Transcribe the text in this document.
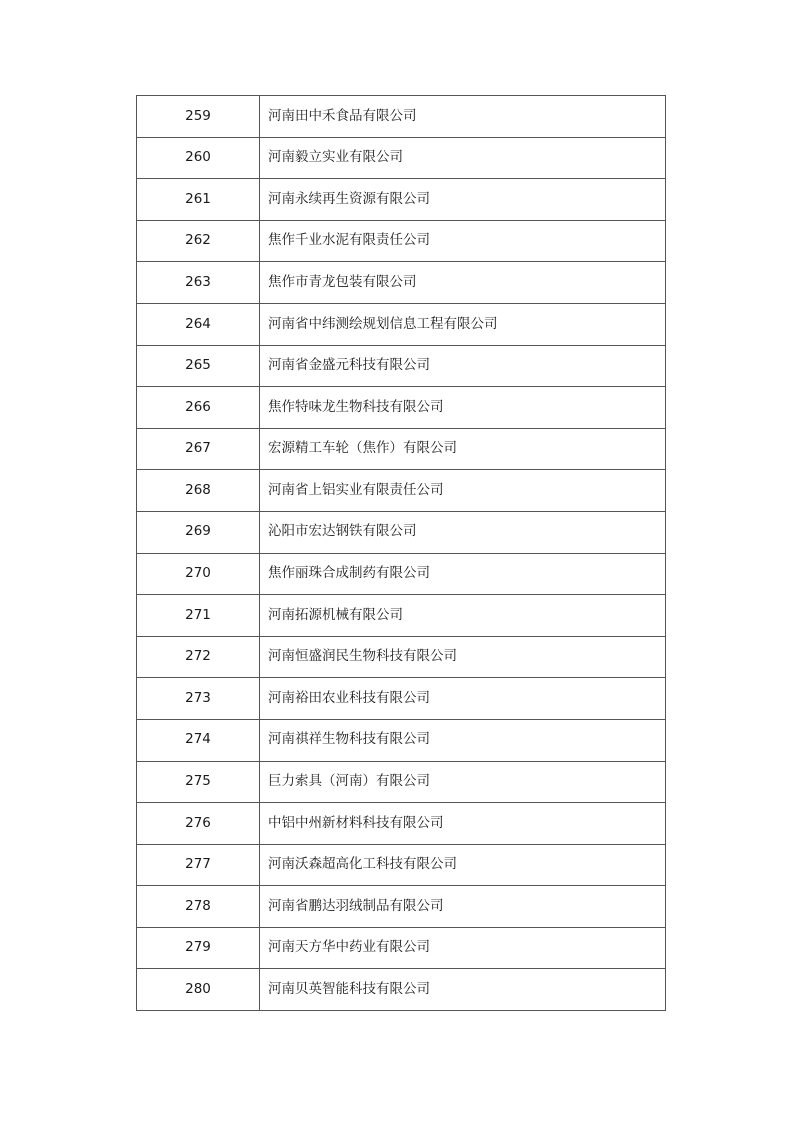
259	河南田中禾食品有限公司
260	河南毅立实业有限公司
261	河南永续再生资源有限公司
262	焦作千业水泥有限责任公司
263	焦作市青龙包装有限公司
264	河南省中纬测绘规划信息工程有限公司
265	河南省金盛元科技有限公司
266	焦作特味龙生物科技有限公司
267	宏源精工车轮（焦作）有限公司
268	河南省上铝实业有限责任公司
269	沁阳市宏达钢铁有限公司
270	焦作丽珠合成制药有限公司
271	河南拓源机械有限公司
272	河南恒盛润民生物科技有限公司
273	河南裕田农业科技有限公司
274	河南祺祥生物科技有限公司
275	巨力索具（河南）有限公司
276	中铝中州新材料科技有限公司
277	河南沃森超高化工科技有限公司
278	河南省鹏达羽绒制品有限公司
279	河南天方华中药业有限公司
280	河南贝英智能科技有限公司
